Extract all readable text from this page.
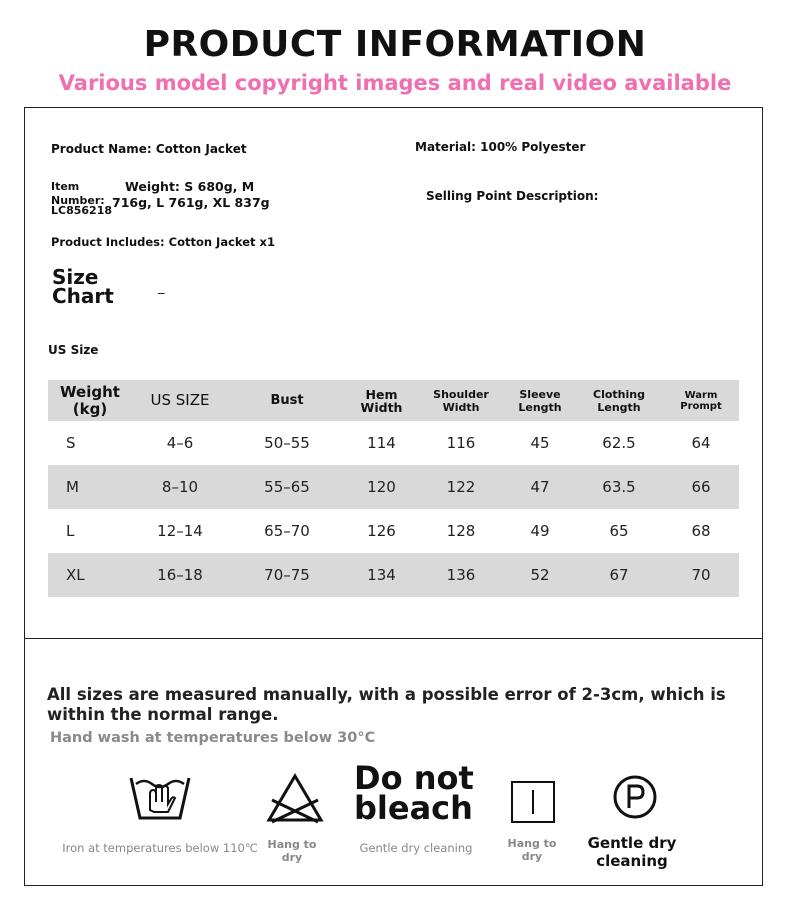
PRODUCT INFORMATION
Various model copyright images and real video available
Product Name: Cotton Jacket	Material: 100% Polyester
Item Number:
LC856218
Weight: S 680g, M
716g, L 761g, XL 837g	Selling Point Description:
Product Includes: Cotton Jacket x1
Size Chart	_
US Size
Weight (kg)	US SIZE	Bust	Hem Width	Shoulder Width	Sleeve Length	Clothing Length	Warm Prompt
S	4–6	50–55	114	116	45	62.5	64
M	8–10	55–65	120	122	47	63.5	66
L	12–14	65–70	126	128	49	65	68
XL	16–18	70–75	134	136	52	67	70
All sizes are measured manually, with a possible error of 2-3cm, which is within the normal range.
Hand wash at temperatures below 30°C
Do not bleach
Iron at temperatures below 110℃ Hang to dry
Gentle dry cleaning	Hang to dry
Gentle dry cleaning
